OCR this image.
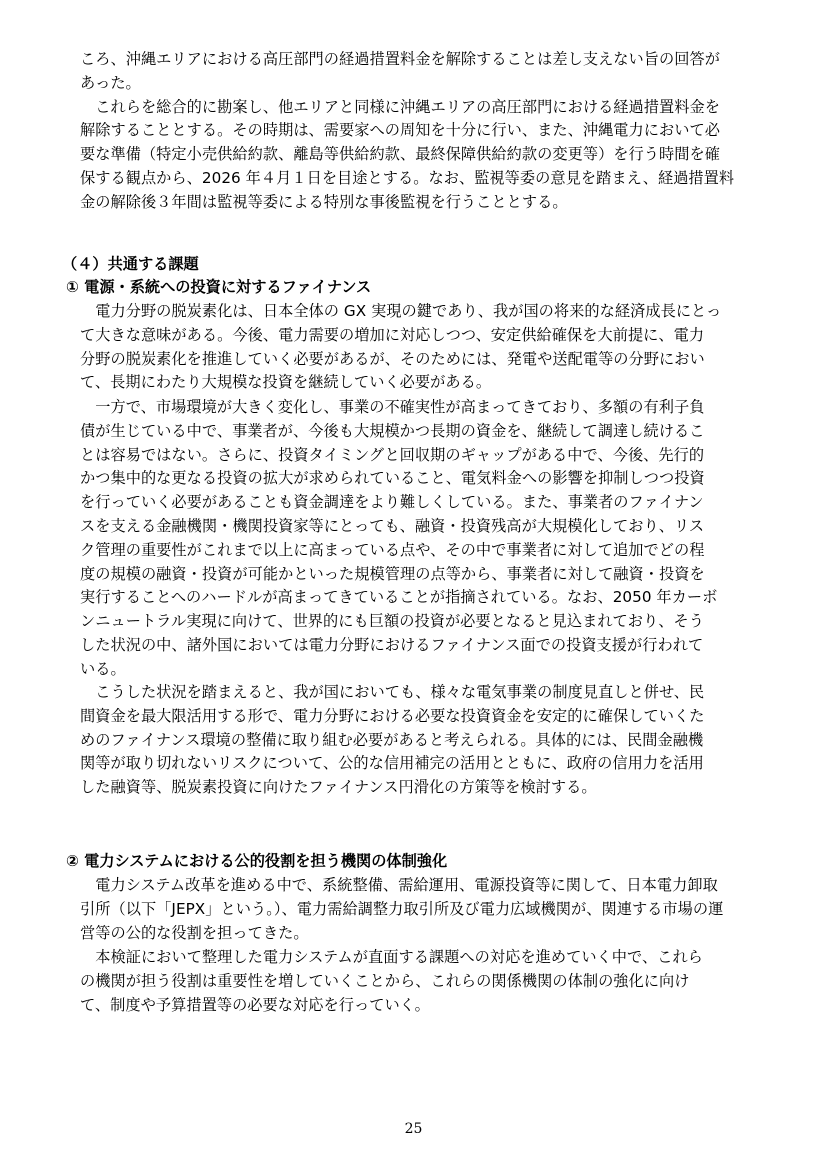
ころ、沖縄エリアにおける高圧部門の経過措置料金を解除することは差し支えない旨の回答が
あった。
　これらを総合的に勘案し、他エリアと同様に沖縄エリアの高圧部門における経過措置料金を
解除することとする。その時期は、需要家への周知を十分に行い、また、沖縄電力において必
要な準備（特定小売供給約款、離島等供給約款、最終保障供給約款の変更等）を行う時間を確
保する観点から、2026 年４月１日を目途とする。なお、監視等委の意見を踏まえ、経過措置料
金の解除後３年間は監視等委による特別な事後監視を行うこととする。
（４）共通する課題
① 電源・系統への投資に対するファイナンス
　電力分野の脱炭素化は、日本全体の GX 実現の鍵であり、我が国の将来的な経済成長にとっ
て大きな意味がある。今後、電力需要の増加に対応しつつ、安定供給確保を大前提に、電力
分野の脱炭素化を推進していく必要があるが、そのためには、発電や送配電等の分野におい
て、長期にわたり大規模な投資を継続していく必要がある。
　一方で、市場環境が大きく変化し、事業の不確実性が高まってきており、多額の有利子負
債が生じている中で、事業者が、今後も大規模かつ長期の資金を、継続して調達し続けるこ
とは容易ではない。さらに、投資タイミングと回収期のギャップがある中で、今後、先行的
かつ集中的な更なる投資の拡大が求められていること、電気料金への影響を抑制しつつ投資
を行っていく必要があることも資金調達をより難しくしている。また、事業者のファイナン
スを支える金融機関・機関投資家等にとっても、融資・投資残高が大規模化しており、リス
ク管理の重要性がこれまで以上に高まっている点や、その中で事業者に対して追加でどの程
度の規模の融資・投資が可能かといった規模管理の点等から、事業者に対して融資・投資を
実行することへのハードルが高まってきていることが指摘されている。なお、2050 年カーボ
ンニュートラル実現に向けて、世界的にも巨額の投資が必要となると見込まれており、そう
した状況の中、諸外国においては電力分野におけるファイナンス面での投資支援が行われて
いる。
　こうした状況を踏まえると、我が国においても、様々な電気事業の制度見直しと併せ、民
間資金を最大限活用する形で、電力分野における必要な投資資金を安定的に確保していくた
めのファイナンス環境の整備に取り組む必要があると考えられる。具体的には、民間金融機
関等が取り切れないリスクについて、公的な信用補完の活用とともに、政府の信用力を活用
した融資等、脱炭素投資に向けたファイナンス円滑化の方策等を検討する。
② 電力システムにおける公的役割を担う機関の体制強化
　電力システム改革を進める中で、系統整備、需給運用、電源投資等に関して、日本電力卸取
引所（以下「JEPX」という。）、電力需給調整力取引所及び電力広域機関が、関連する市場の運
営等の公的な役割を担ってきた。
　本検証において整理した電力システムが直面する課題への対応を進めていく中で、これら
の機関が担う役割は重要性を増していくことから、これらの関係機関の体制の強化に向け
て、制度や予算措置等の必要な対応を行っていく。
25
